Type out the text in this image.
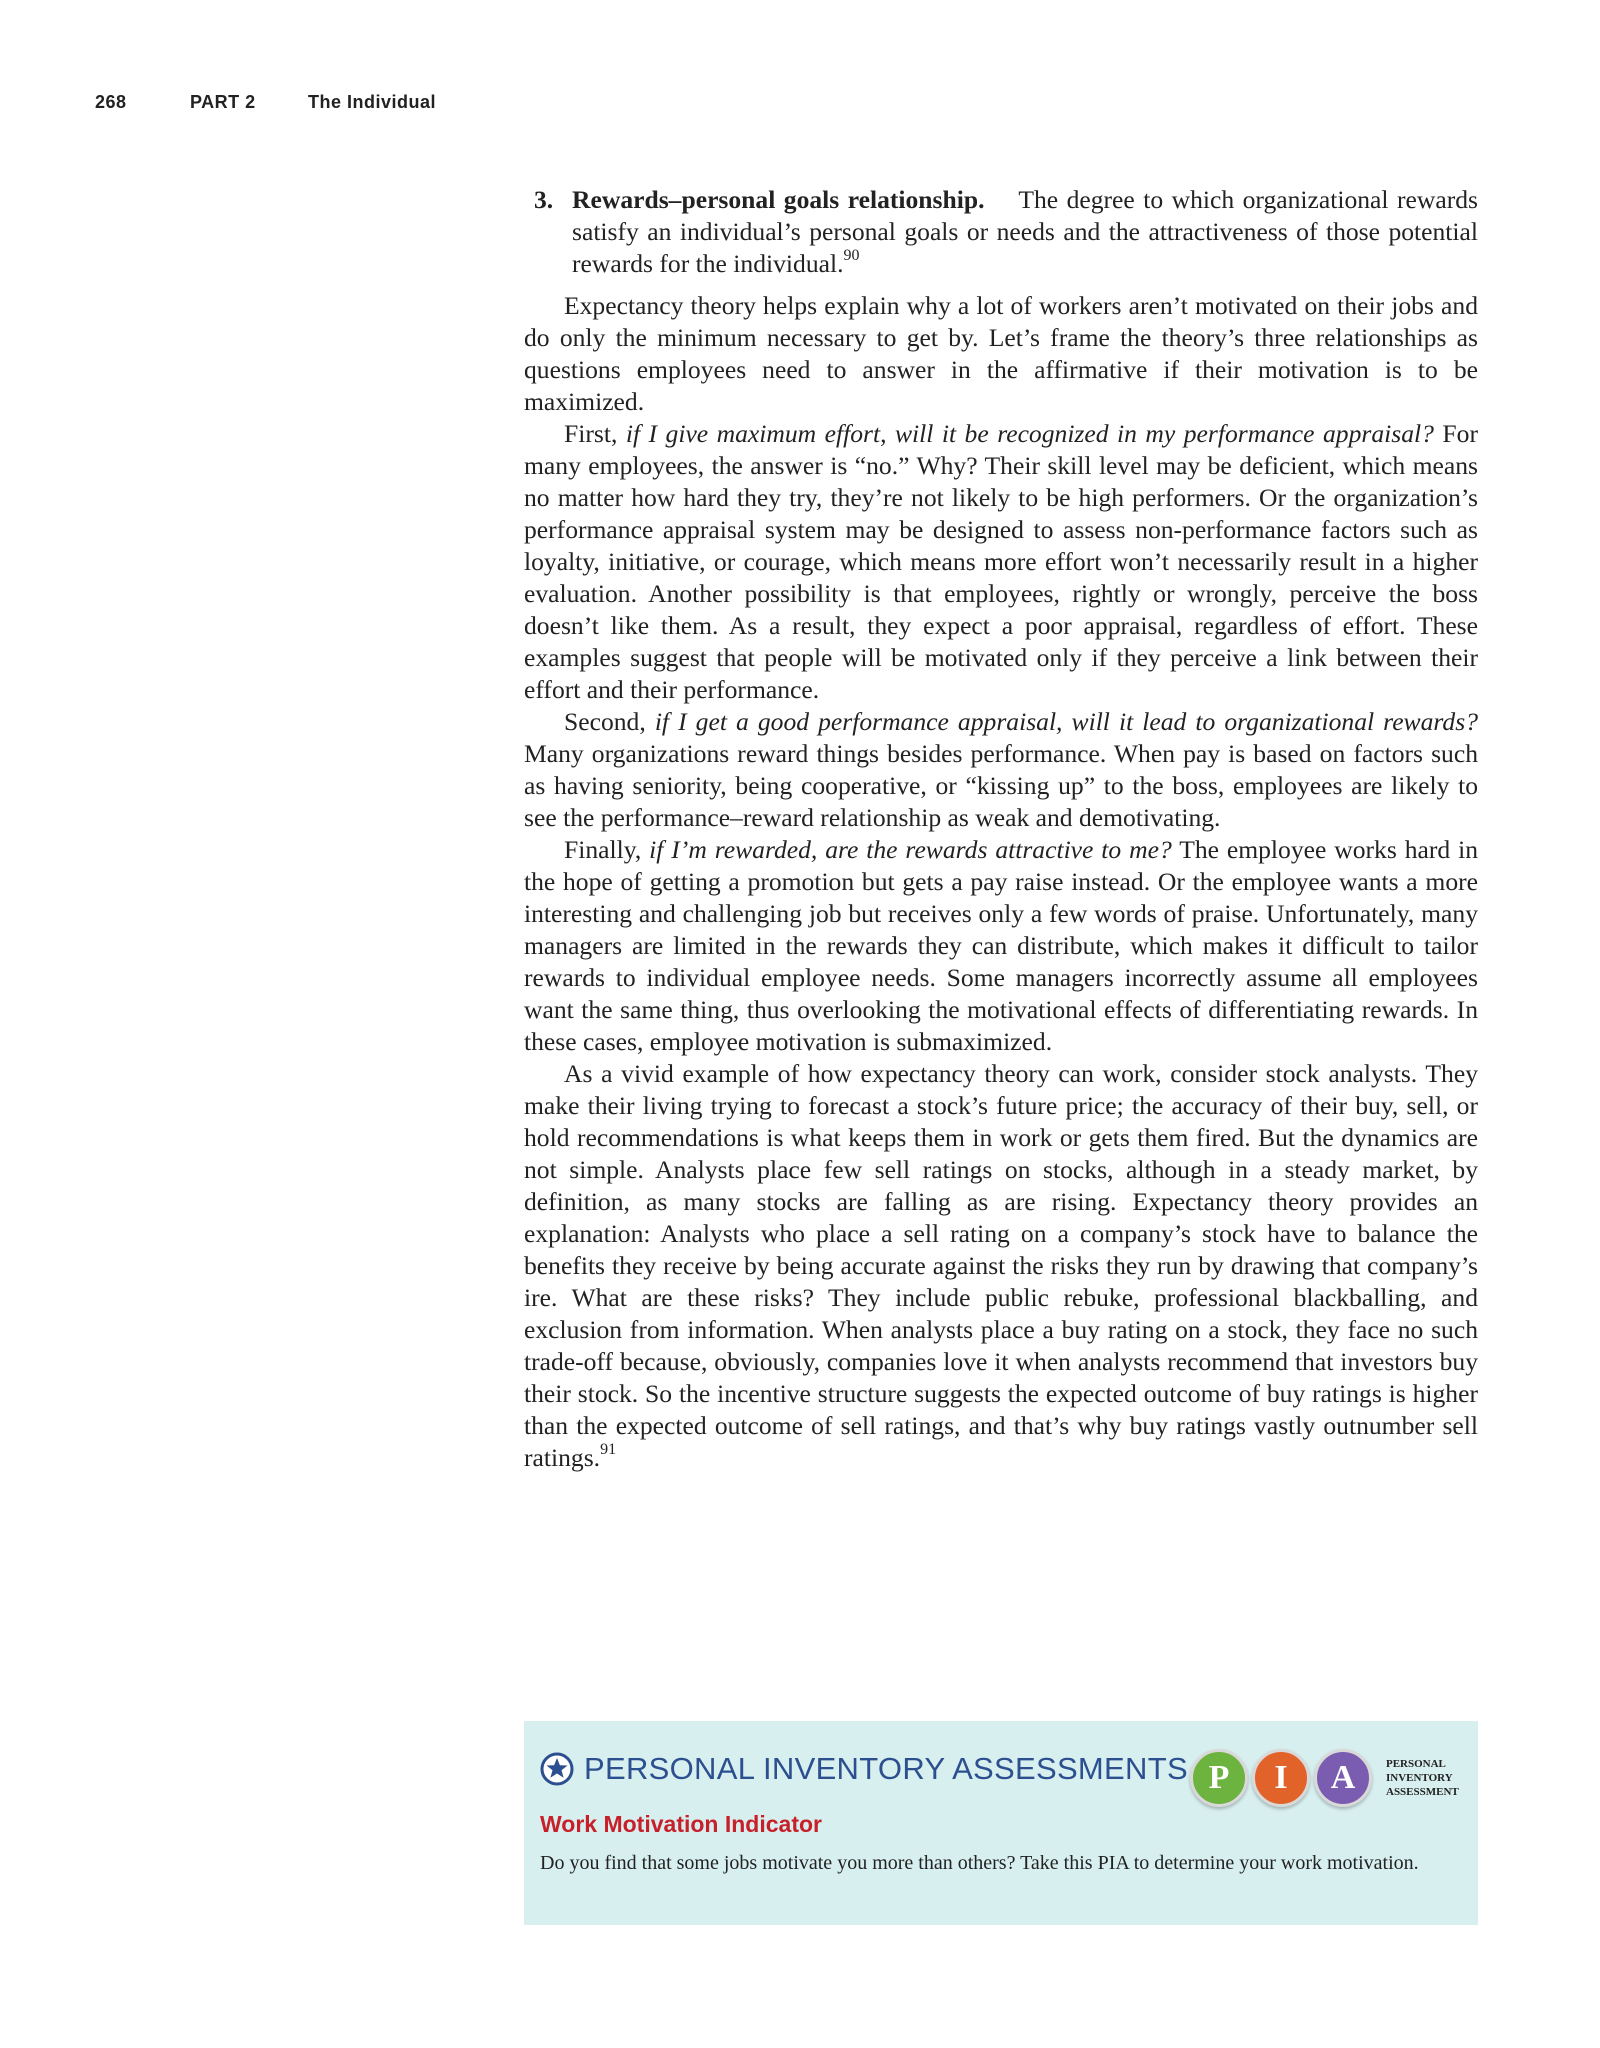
268	PART 2	The Individual
3. Rewards–personal goals relationship. The degree to which organizational rewards satisfy an individual’s personal goals or needs and the attractiveness of those potential rewards for the individual.$^{90}$

Expectancy theory helps explain why a lot of workers aren’t motivated on their jobs and do only the minimum necessary to get by. Let’s frame the theory’s three relationships as questions employees need to answer in the affirmative if their motivation is to be maximized.

First, if I give maximum effort, will it be recognized in my performance appraisal? For many employees, the answer is “no.” Why? Their skill level may be deficient, which means no matter how hard they try, they’re not likely to be high performers. Or the organization’s performance appraisal system may be designed to assess non-performance factors such as loyalty, initiative, or courage, which means more effort won’t necessarily result in a higher evaluation. Another possibility is that employees, rightly or wrongly, perceive the boss doesn’t like them. As a result, they expect a poor appraisal, regardless of effort. These examples suggest that people will be motivated only if they perceive a link between their effort and their performance.

Second, if I get a good performance appraisal, will it lead to organizational rewards? Many organizations reward things besides performance. When pay is based on factors such as having seniority, being cooperative, or “kissing up” to the boss, employees are likely to see the performance–reward relationship as weak and demotivating.

Finally, if I’m rewarded, are the rewards attractive to me? The employee works hard in the hope of getting a promotion but gets a pay raise instead. Or the employee wants a more interesting and challenging job but receives only a few words of praise. Unfortunately, many managers are limited in the rewards they can distribute, which makes it difficult to tailor rewards to individual employee needs. Some managers incorrectly assume all employees want the same thing, thus overlooking the motivational effects of differentiating rewards. In these cases, employee motivation is submaximized.

As a vivid example of how expectancy theory can work, consider stock analysts. They make their living trying to forecast a stock’s future price; the accuracy of their buy, sell, or hold recommendations is what keeps them in work or gets them fired. But the dynamics are not simple. Analysts place few sell ratings on stocks, although in a steady market, by definition, as many stocks are falling as are rising. Expectancy theory provides an explanation: Analysts who place a sell rating on a company’s stock have to balance the benefits they receive by being accurate against the risks they run by drawing that company’s ire. What are these risks? They include public rebuke, professional blackballing, and exclusion from information. When analysts place a buy rating on a stock, they face no such trade-off because, obviously, companies love it when analysts recommend that investors buy their stock. So the incentive structure suggests the expected outcome of buy ratings is higher than the expected outcome of sell ratings, and that’s why buy ratings vastly outnumber sell ratings.$^{91}$

PERSONAL INVENTORY ASSESSMENTS P	I	A	PERSONAL
INVENTORY
ASSESSMENT
Work Motivation Indicator
Do you find that some jobs motivate you more than others? Take this PIA to determine your work motivation.
